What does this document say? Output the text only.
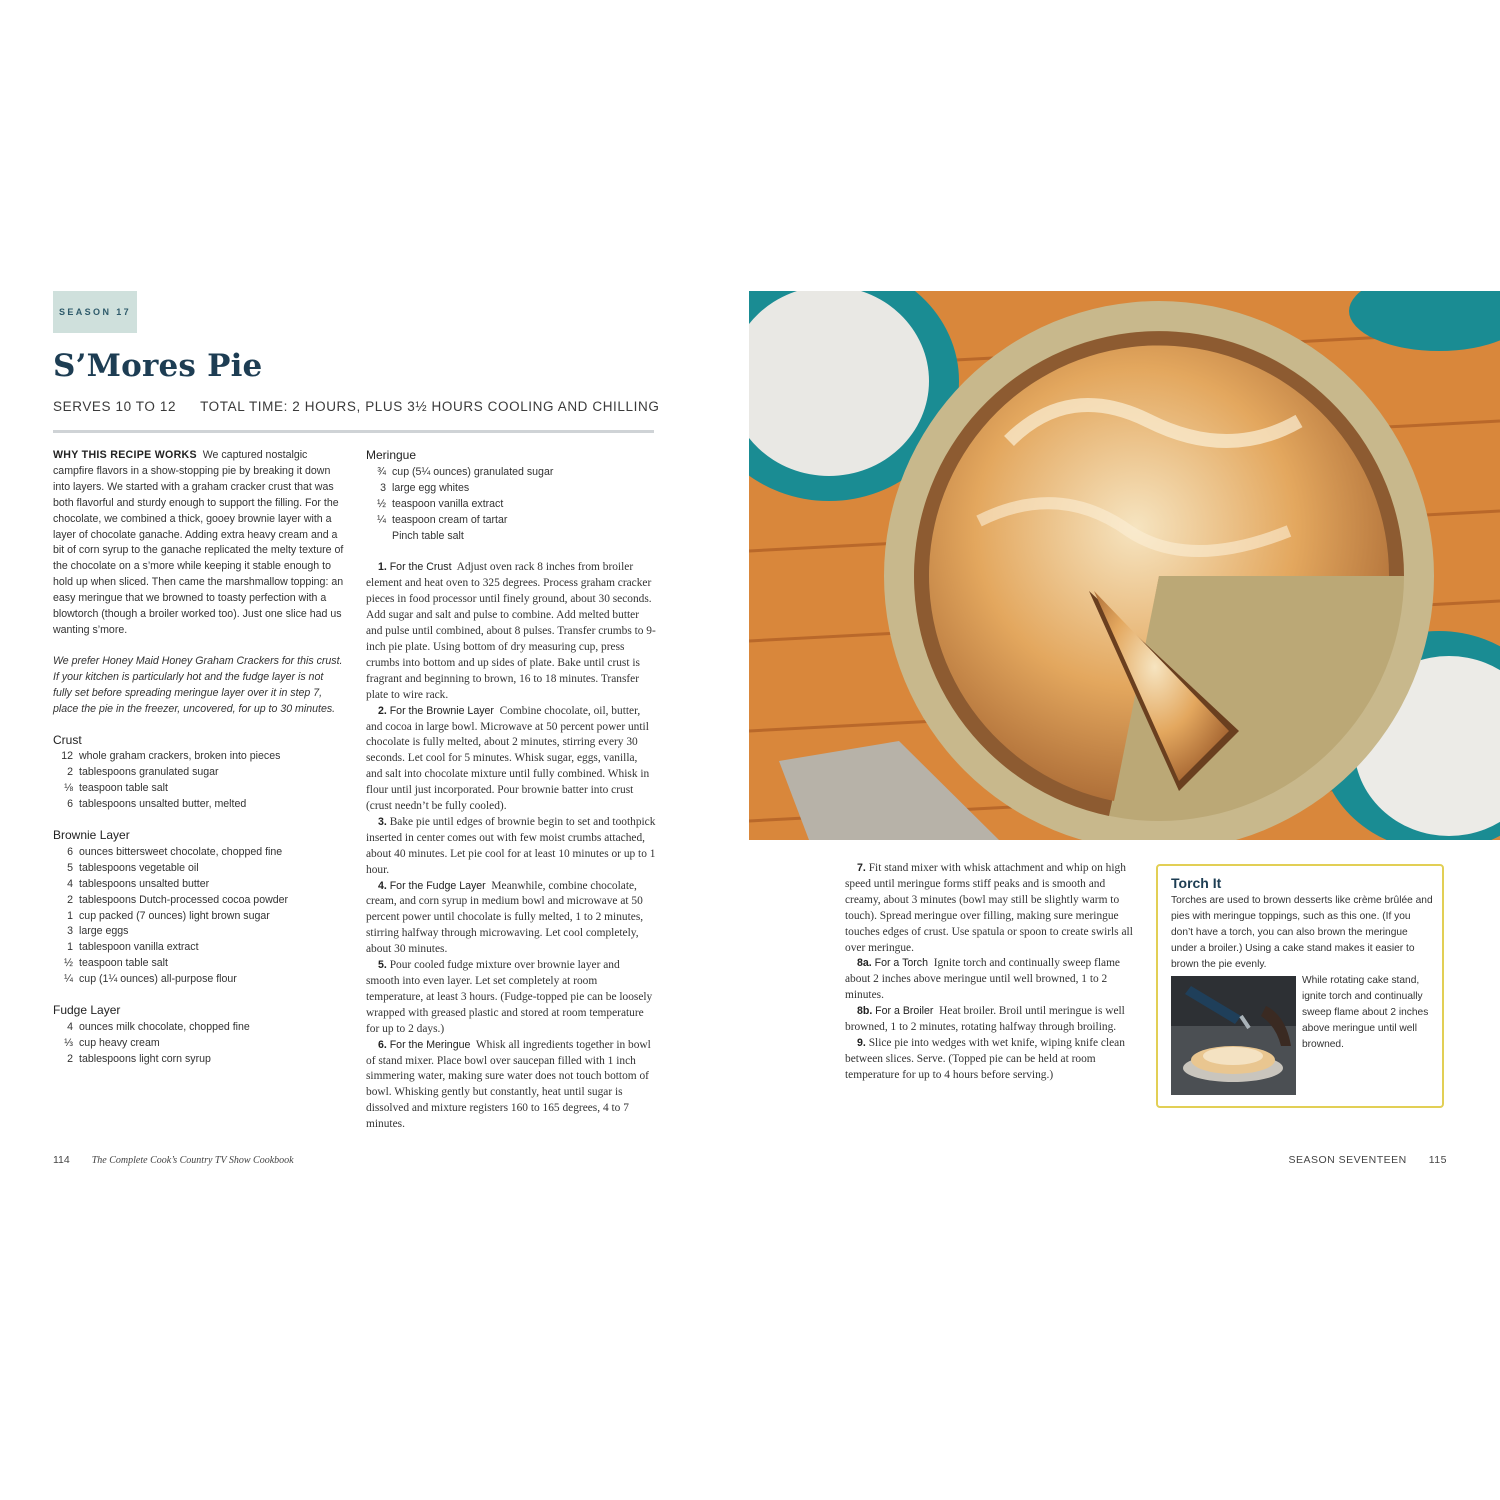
SEASON 17
S’Mores Pie
SERVES 10 TO 12 TOTAL TIME: 2 HOURS, PLUS 3½ HOURS COOLING AND CHILLING

WHY THIS RECIPE WORKS We captured nostalgic campfire flavors in a show-stopping pie by breaking it down into layers. We started with a graham cracker crust that was both flavorful and sturdy enough to support the filling. For the chocolate, we combined a thick, gooey brownie layer with a layer of chocolate ganache. Adding extra heavy cream and a bit of corn syrup to the ganache replicated the melty texture of the chocolate on a s’more while keeping it stable enough to hold up when sliced. Then came the marshmallow topping: an easy meringue that we browned to toasty perfection with a blowtorch (though a broiler worked too). Just one slice had us wanting s’more.

We prefer Honey Maid Honey Graham Crackers for this crust. If your kitchen is particularly hot and the fudge layer is not fully set before spreading meringue layer over it in step 7, place the pie in the freezer, uncovered, for up to 30 minutes.

Crust

12 whole graham crackers, broken into pieces
2 tablespoons granulated sugar
⅛ teaspoon table salt
6 tablespoons unsalted butter, melted

Brownie Layer

6 ounces bittersweet chocolate, chopped fine
5 tablespoons vegetable oil
4 tablespoons unsalted butter
2 tablespoons Dutch-processed cocoa powder
1 cup packed (7 ounces) light brown sugar
3 large eggs
1 tablespoon vanilla extract
½ teaspoon table salt
¼ cup (1¼ ounces) all-purpose flour

Fudge Layer

4 ounces milk chocolate, chopped fine
⅓ cup heavy cream
2 tablespoons light corn syrup

Meringue

¾ cup (5¼ ounces) granulated sugar
3 large egg whites
½ teaspoon vanilla extract
¼ teaspoon cream of tartar
Pinch table salt

1. For the Crust Adjust oven rack 8 inches from broiler element and heat oven to 325 degrees. Process graham cracker pieces in food processor until finely ground, about 30 seconds. Add sugar and salt and pulse to combine. Add melted butter and pulse until combined, about 8 pulses. Transfer crumbs to 9-inch pie plate. Using bottom of dry measuring cup, press crumbs into bottom and up sides of plate. Bake until crust is fragrant and beginning to brown, 16 to 18 minutes. Transfer plate to wire rack.

2. For the Brownie Layer Combine chocolate, oil, butter, and cocoa in large bowl. Microwave at 50 percent power until chocolate is fully melted, about 2 minutes, stirring every 30 seconds. Let cool for 5 minutes. Whisk sugar, eggs, vanilla, and salt into chocolate mixture until fully combined. Whisk in flour until just incorporated. Pour brownie batter into crust (crust needn’t be fully cooled).

3. Bake pie until edges of brownie begin to set and toothpick inserted in center comes out with few moist crumbs attached, about 40 minutes. Let pie cool for at least 10 minutes or up to 1 hour.

4. For the Fudge Layer Meanwhile, combine chocolate, cream, and corn syrup in medium bowl and microwave at 50 percent power until chocolate is fully melted, 1 to 2 minutes, stirring halfway through microwaving. Let cool completely, about 30 minutes.

5. Pour cooled fudge mixture over brownie layer and smooth into even layer. Let set completely at room temperature, at least 3 hours. (Fudge-topped pie can be loosely wrapped with greased plastic and stored at room temperature for up to 2 days.)

6. For the Meringue Whisk all ingredients together in bowl of stand mixer. Place bowl over saucepan filled with 1 inch simmering water, making sure water does not touch bottom of bowl. Whisking gently but constantly, heat until sugar is dissolved and mixture registers 160 to 165 degrees, 4 to 7 minutes.

7. Fit stand mixer with whisk attachment and whip on high speed until meringue forms stiff peaks and is smooth and creamy, about 3 minutes (bowl may still be slightly warm to touch). Spread meringue over filling, making sure meringue touches edges of crust. Use spatula or spoon to create swirls all over meringue.

8a. For a Torch Ignite torch and continually sweep flame about 2 inches above meringue until well browned, 1 to 2 minutes.

8b. For a Broiler Heat broiler. Broil until meringue is well browned, 1 to 2 minutes, rotating halfway through broiling.

9. Slice pie into wedges with wet knife, wiping knife clean between slices. Serve. (Topped pie can be held at room temperature for up to 4 hours before serving.)

Torch It
Torches are used to brown desserts like crème brûlée and pies with meringue toppings, such as this one. (If you don’t have a torch, you can also brown the meringue under a broiler.) Using a cake stand makes it easier to brown the pie evenly.
While rotating cake stand, ignite torch and continually sweep flame about 2 inches above meringue until well browned.
114 The Complete Cook’s Country TV Show Cookbook	SEASON SEVENTEEN 115
